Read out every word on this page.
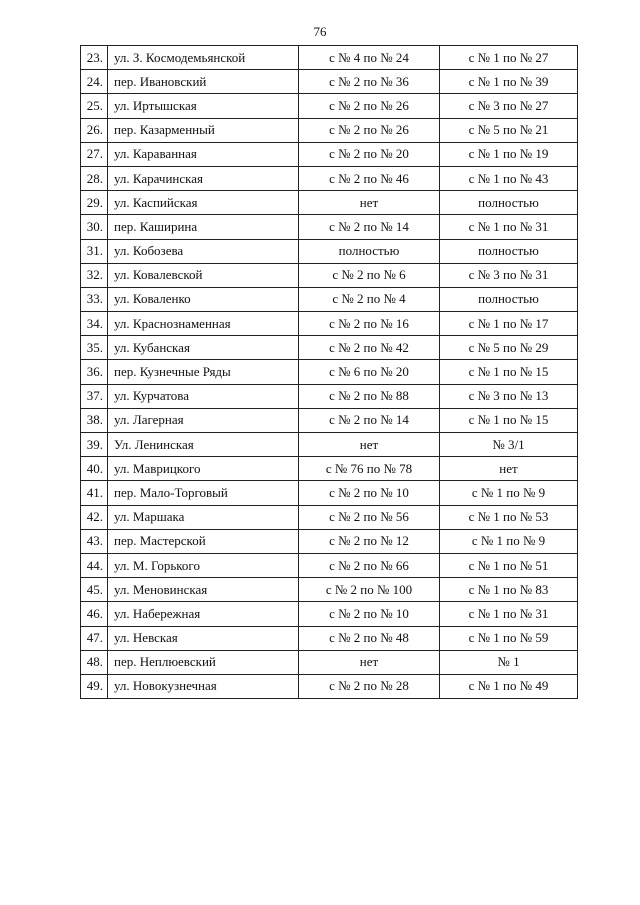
76
23.	ул. З. Космодемьянской	с № 4 по № 24	с № 1 по № 27
24.	пер. Ивановский	с № 2 по № 36	с № 1 по № 39
25.	ул. Иртышская	с № 2 по № 26	с № 3 по № 27
26.	пер. Казарменный	с № 2 по № 26	с № 5 по № 21
27.	ул. Караванная	с № 2 по № 20	с № 1 по № 19
28.	ул. Карачинская	с № 2 по № 46	с № 1 по № 43
29.	ул. Каспийская	нет	полностью
30.	пер. Каширина	с № 2 по № 14	с № 1 по № 31
31.	ул. Кобозева	полностью	полностью
32.	ул. Ковалевской	с № 2 по № 6	с № 3 по № 31
33.	ул. Коваленко	с № 2 по № 4	полностью
34.	ул. Краснознаменная	с № 2 по № 16	с № 1 по № 17
35.	ул. Кубанская	с № 2 по № 42	с № 5 по № 29
36.	пер. Кузнечные Ряды	с № 6 по № 20	с № 1 по № 15
37.	ул. Курчатова	с № 2 по № 88	с № 3 по № 13
38.	ул. Лагерная	с № 2 по № 14	с № 1 по № 15
39.	Ул. Ленинская	нет	№ 3/1
40.	ул. Маврицкого	с № 76 по № 78	нет
41.	пер. Мало-Торговый	с № 2 по № 10	с № 1 по № 9
42.	ул. Маршака	с № 2 по № 56	с № 1 по № 53
43.	пер. Мастерской	с № 2 по № 12	с № 1 по № 9
44.	ул. М. Горького	с № 2 по № 66	с № 1 по № 51
45.	ул. Меновинская	с № 2 по № 100	с № 1 по № 83
46.	ул. Набережная	с № 2 по № 10	с № 1 по № 31
47.	ул. Невская	с № 2 по № 48	с № 1 по № 59
48.	пер. Неплюевский	нет	№ 1
49.	ул. Новокузнечная	с № 2 по № 28	с № 1 по № 49
